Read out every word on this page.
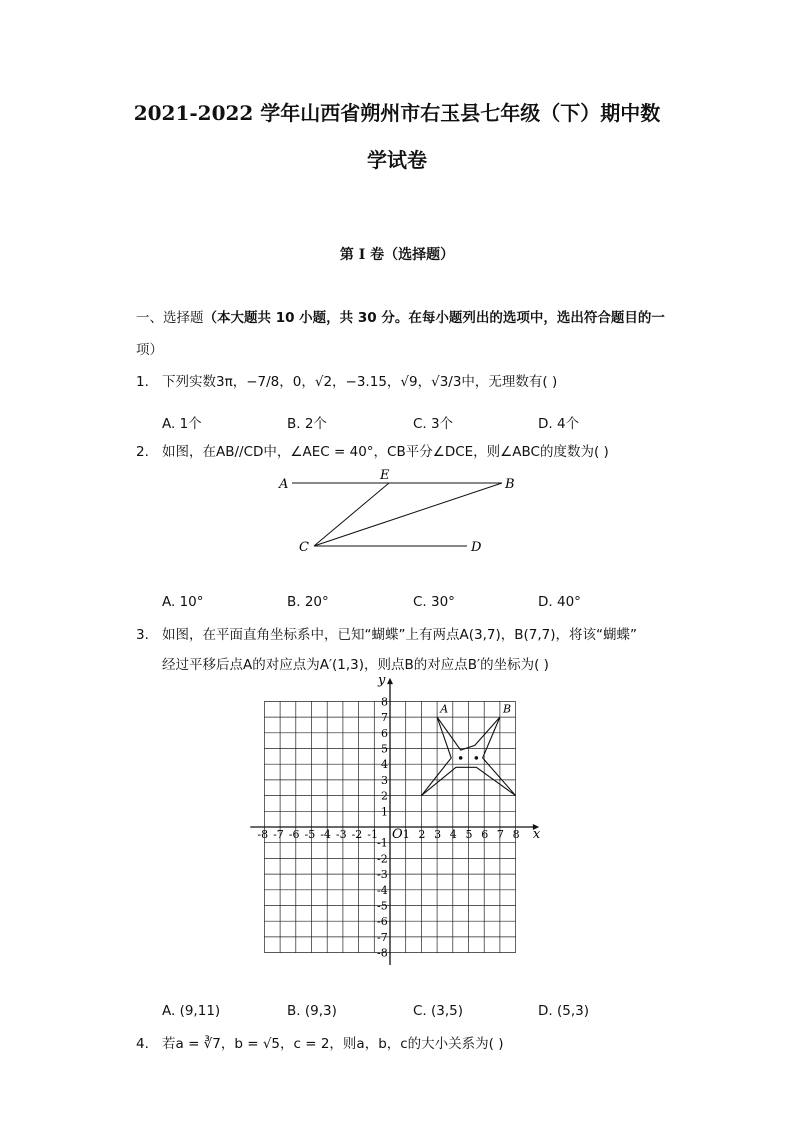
2021-2022 学年山西省朔州市右玉县七年级（下）期中数
学试卷
第 I 卷（选择题）
一、选择题（本大题共 10 小题，共 30 分。在每小题列出的选项中，选出符合题目的一
项）
1. 下列实数3π，−7/8，0，√2，−3.15，√9，√3/3中，无理数有( )
A. 1个	B. 2个	C. 3个	D. 4个
2. 如图，在AB//CD中，∠AEC = 40°，CB平分∠DCE，则∠ABC的度数为( )
A
E
B
C	D
A. 10°	B. 20°	C. 30°	D. 40°
3. 如图，在平面直角坐标系中，已知“蝴蝶”上有两点A(3,7)，B(7,7)，将该“蝴蝶”
经过平移后点A的对应点为A′(1,3)，则点B的对应点B′的坐标为( )
-8 -7 -6 -5 -4 -3 -2 -1 1 2 3 4 5 6 7 8
8
7
6
5
4
3
2
1
-1
-2
-3
-4
-5
-6
-7
-8
x
y
O
A	B
A. (9,11)	B. (9,3)	C. (3,5)	D. (5,3)
4. 若a = ∛7，b = √5，c = 2，则a，b，c的大小关系为( )
